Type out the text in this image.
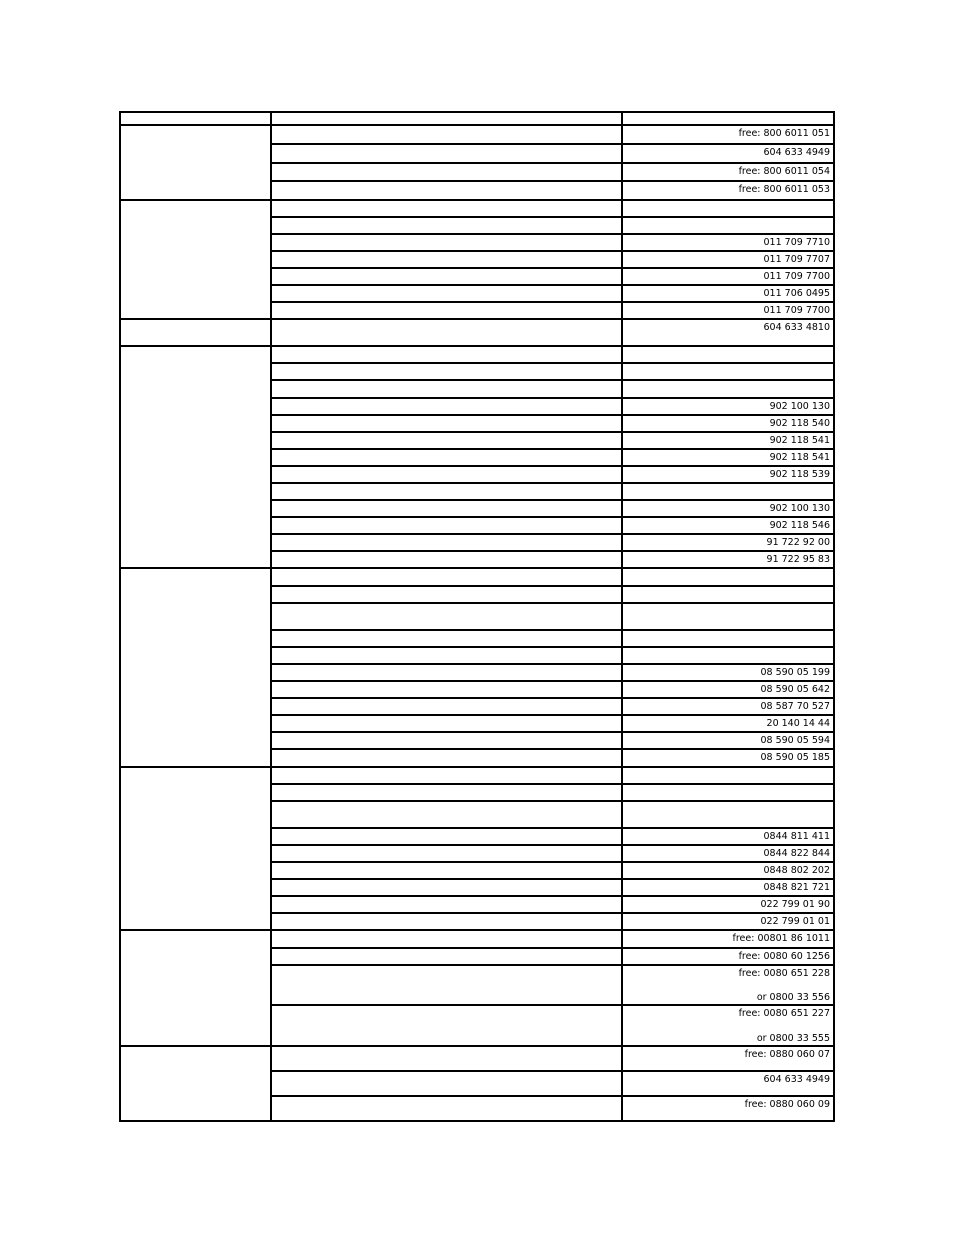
free: 800 6011 051
604 633 4949
free: 800 6011 054
free: 800 6011 053
011 709 7710
011 709 7707
011 709 7700
011 706 0495
011 709 7700
604 633 4810
902 100 130
902 118 540
902 118 541
902 118 541
902 118 539
902 100 130
902 118 546
91 722 92 00
91 722 95 83
08 590 05 199
08 590 05 642
08 587 70 527
20 140 14 44
08 590 05 594
08 590 05 185
0844 811 411
0844 822 844
0848 802 202
0848 821 721
022 799 01 90
022 799 01 01
free: 00801 86 1011
free: 0080 60 1256
free: 0080 651 228
or 0800 33 556
free: 0080 651 227
or 0800 33 555
free: 0880 060 07
604 633 4949
free: 0880 060 09
